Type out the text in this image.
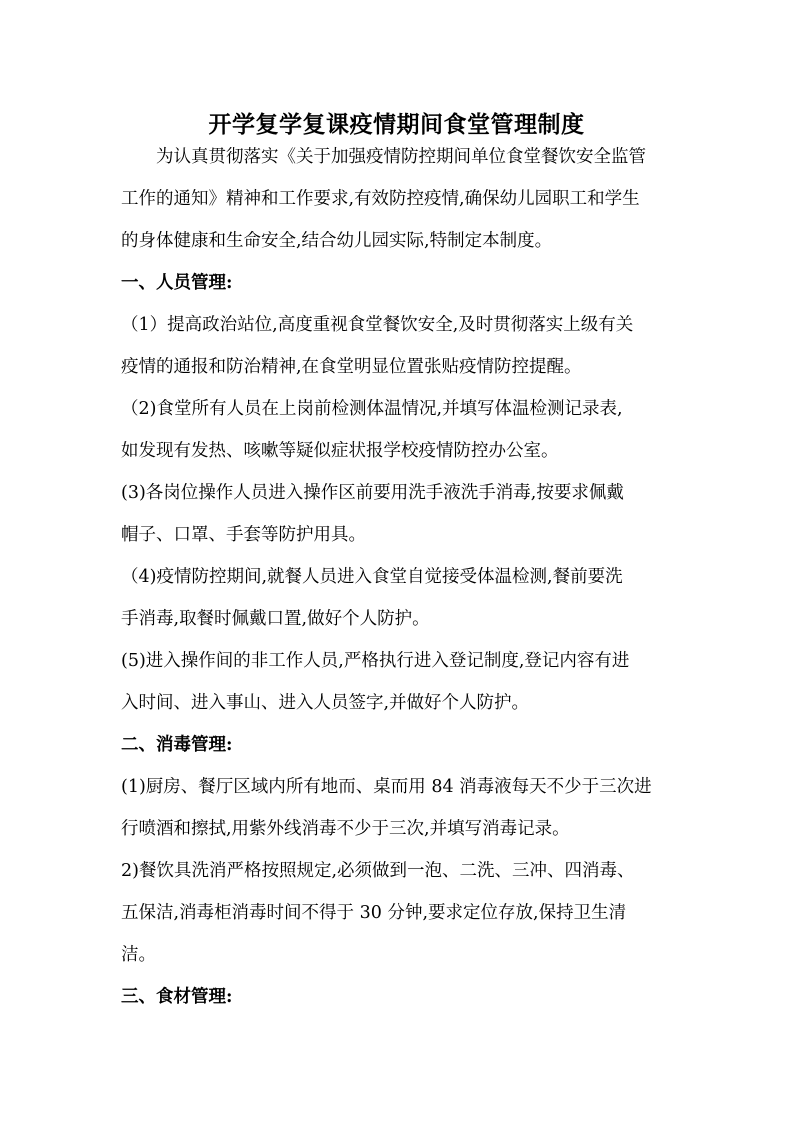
开学复学复课疫情期间食堂管理制度
为认真贯彻落实《关于加强疫情防控期间单位食堂餐饮安全监管
工作的通知》精神和工作要求,有效防控疫情,确保幼儿园职工和学生
的身体健康和生命安全,结合幼儿园实际,特制定本制度。
一、人员管理:
（1）提高政治站位,高度重视食堂餐饮安全,及时贯彻落实上级有关
疫情的通报和防治精神,在食堂明显位置张贴疫情防控提醒。
（2)食堂所有人员在上岗前检测体温情况,并填写体温检测记录表,
如发现有发热、咳嗽等疑似症状报学校疫情防控办公室。
(3)各岗位操作人员进入操作区前要用洗手液洗手消毒,按要求佩戴
帽子、口罩、手套等防护用具。
（4)疫情防控期间,就餐人员进入食堂自觉接受体温检测,餐前要洗
手消毒,取餐时佩戴口置,做好个人防护。
(5)进入操作间的非工作人员,严格执行进入登记制度,登记内容有进
入时间、进入事山、进入人员签字,并做好个人防护。
二、消毒管理:
(1)厨房、餐厅区域内所有地而、桌而用 84 消毒液每天不少于三次进
行喷酒和擦拭,用紫外线消毒不少于三次,并填写消毒记录。
2)餐饮具洗消严格按照规定,必须做到一泡、二洗、三冲、四消毒、
五保洁,消毒柜消毒时间不得于 30 分钟,要求定位存放,保持卫生清
洁。
三、食材管理:
